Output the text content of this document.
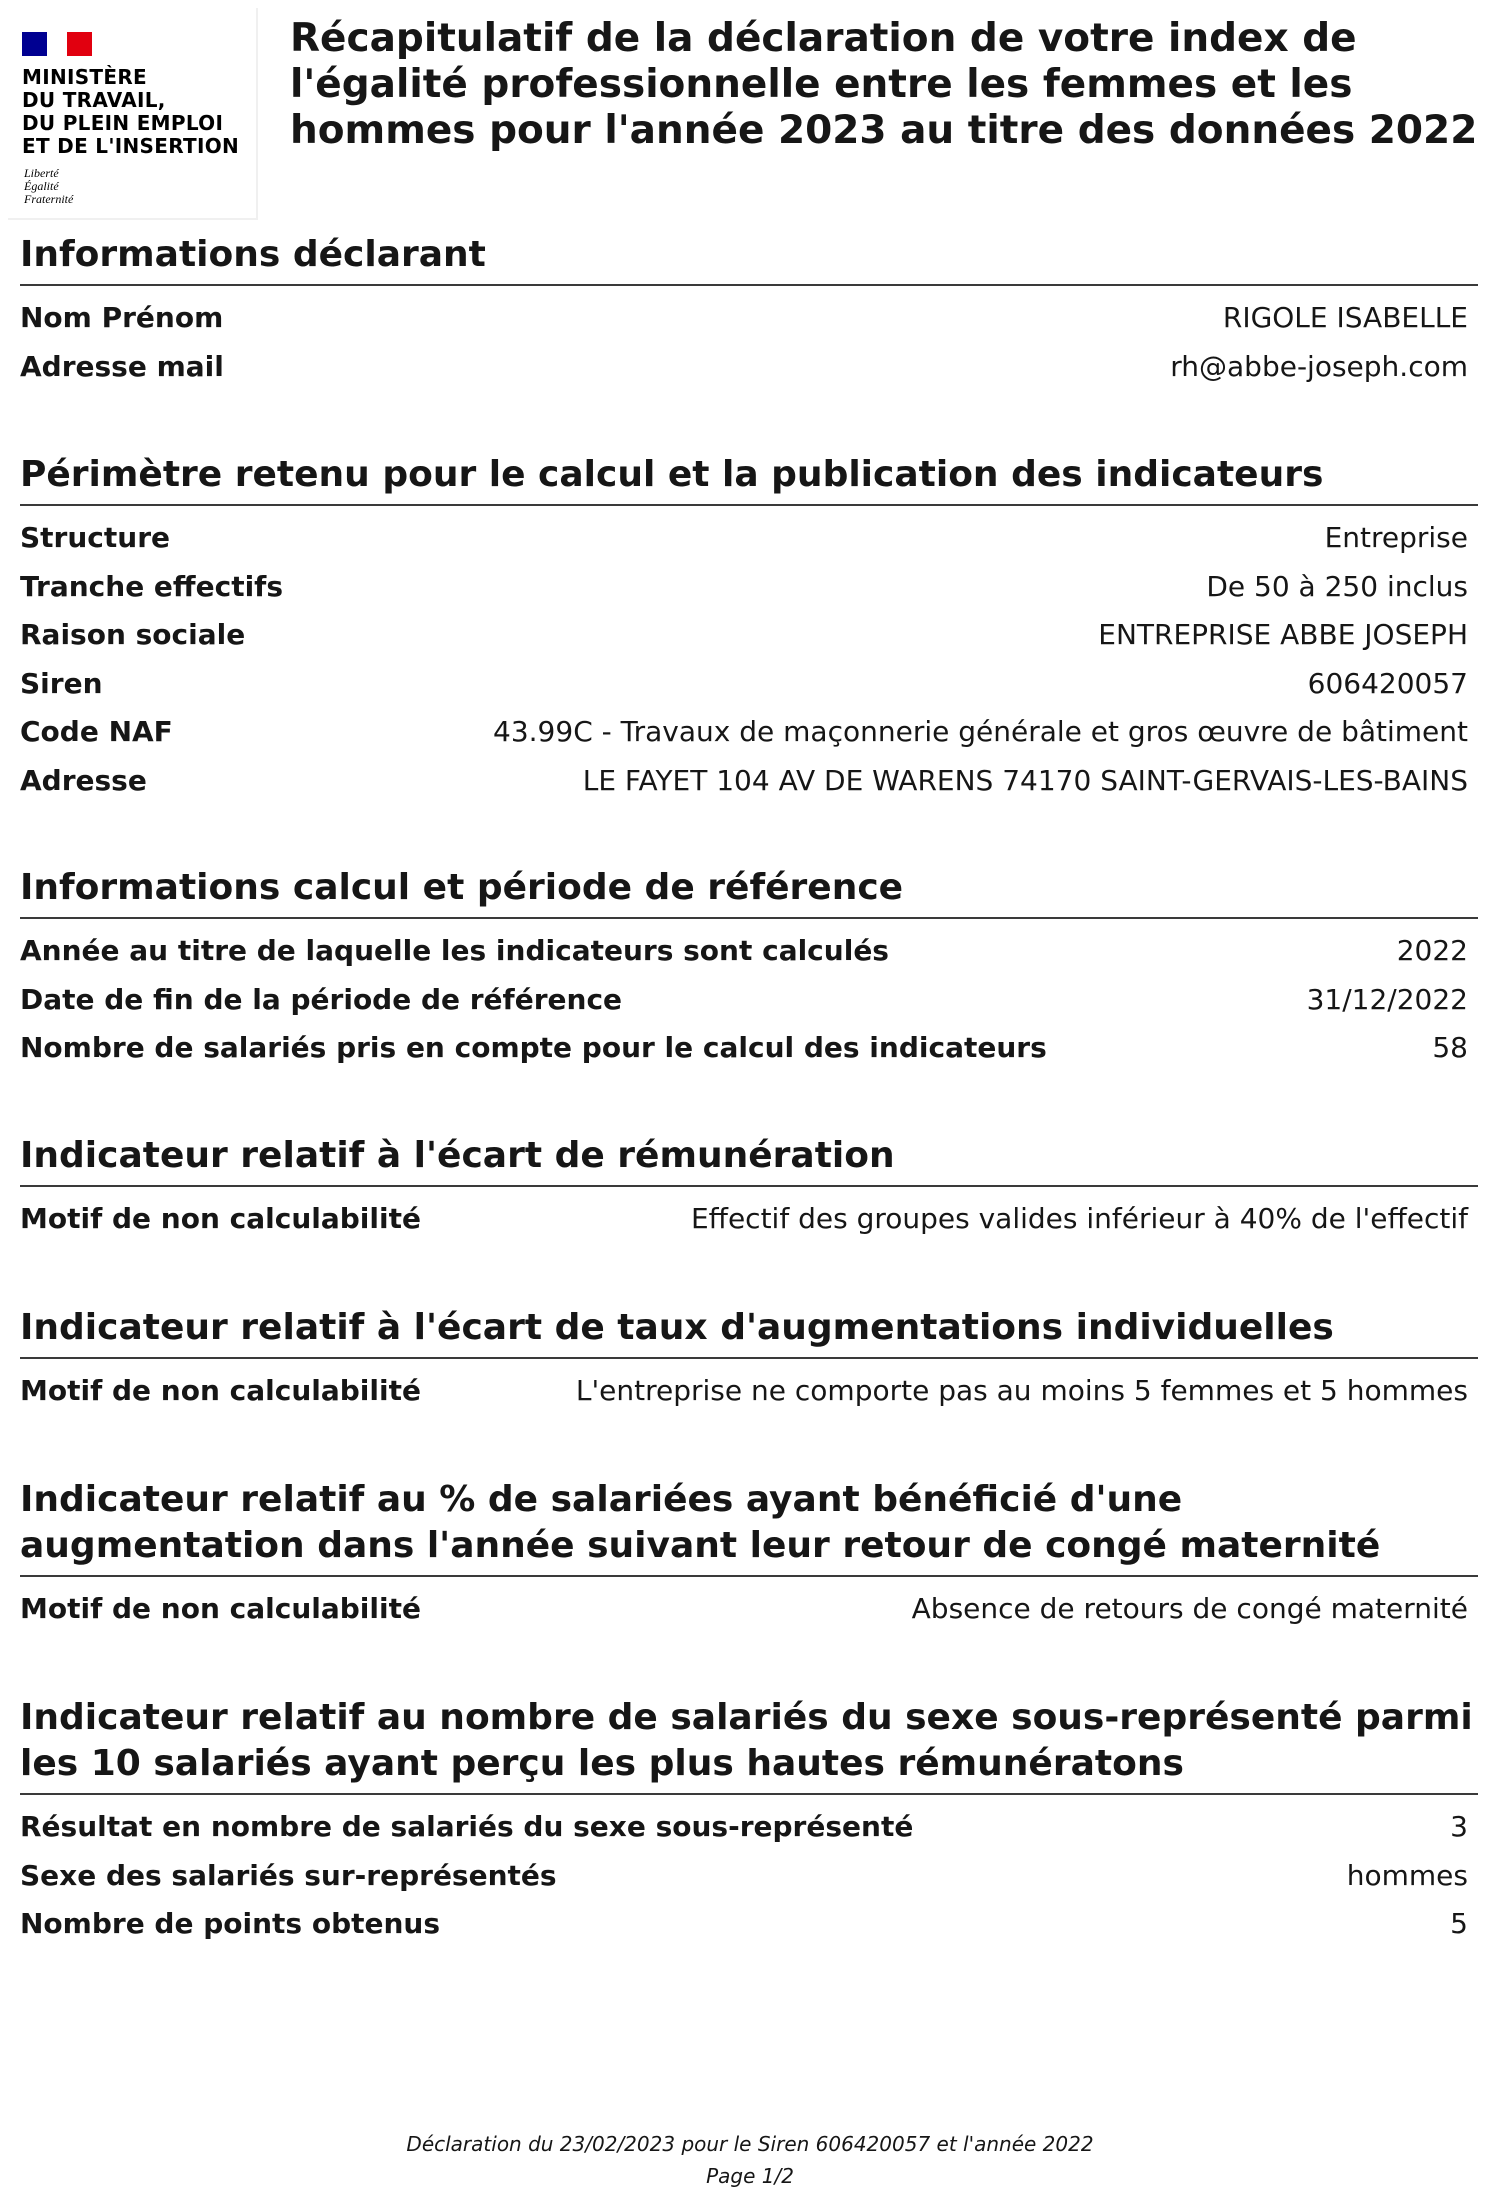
MINISTÈRE
DU TRAVAIL,
DU PLEIN EMPLOI
ET DE L'INSERTION
Liberté
Égalité
Fraternité
Récapitulatif de la déclaration de votre index de l'égalité professionnelle entre les femmes et les hommes pour l'année 2023 au titre des données 2022
Informations déclarant
Nom Prénom	RIGOLE ISABELLE
Adresse mail	rh@abbe-joseph.com
Périmètre retenu pour le calcul et la publication des indicateurs
Structure	Entreprise
Tranche effectifs	De 50 à 250 inclus
Raison sociale	ENTREPRISE ABBE JOSEPH
Siren	606420057
Code NAF	43.99C - Travaux de maçonnerie générale et gros œuvre de bâtiment
Adresse	LE FAYET 104 AV DE WARENS 74170 SAINT-GERVAIS-LES-BAINS
Informations calcul et période de référence
Année au titre de laquelle les indicateurs sont calculés	2022
Date de fin de la période de référence	31/12/2022
Nombre de salariés pris en compte pour le calcul des indicateurs	58
Indicateur relatif à l'écart de rémunération
Motif de non calculabilité	Effectif des groupes valides inférieur à 40% de l'effectif
Indicateur relatif à l'écart de taux d'augmentations individuelles
Motif de non calculabilité	L'entreprise ne comporte pas au moins 5 femmes et 5 hommes
Indicateur relatif au % de salariées ayant bénéficié d'une augmentation dans l'année suivant leur retour de congé maternité
Motif de non calculabilité	Absence de retours de congé maternité
Indicateur relatif au nombre de salariés du sexe sous-représenté parmi les 10 salariés ayant perçu les plus hautes rémunératons
Résultat en nombre de salariés du sexe sous-représenté	3
Sexe des salariés sur-représentés	hommes
Nombre de points obtenus	5
Déclaration du 23/02/2023 pour le Siren 606420057 et l'année 2022
Page 1/2
